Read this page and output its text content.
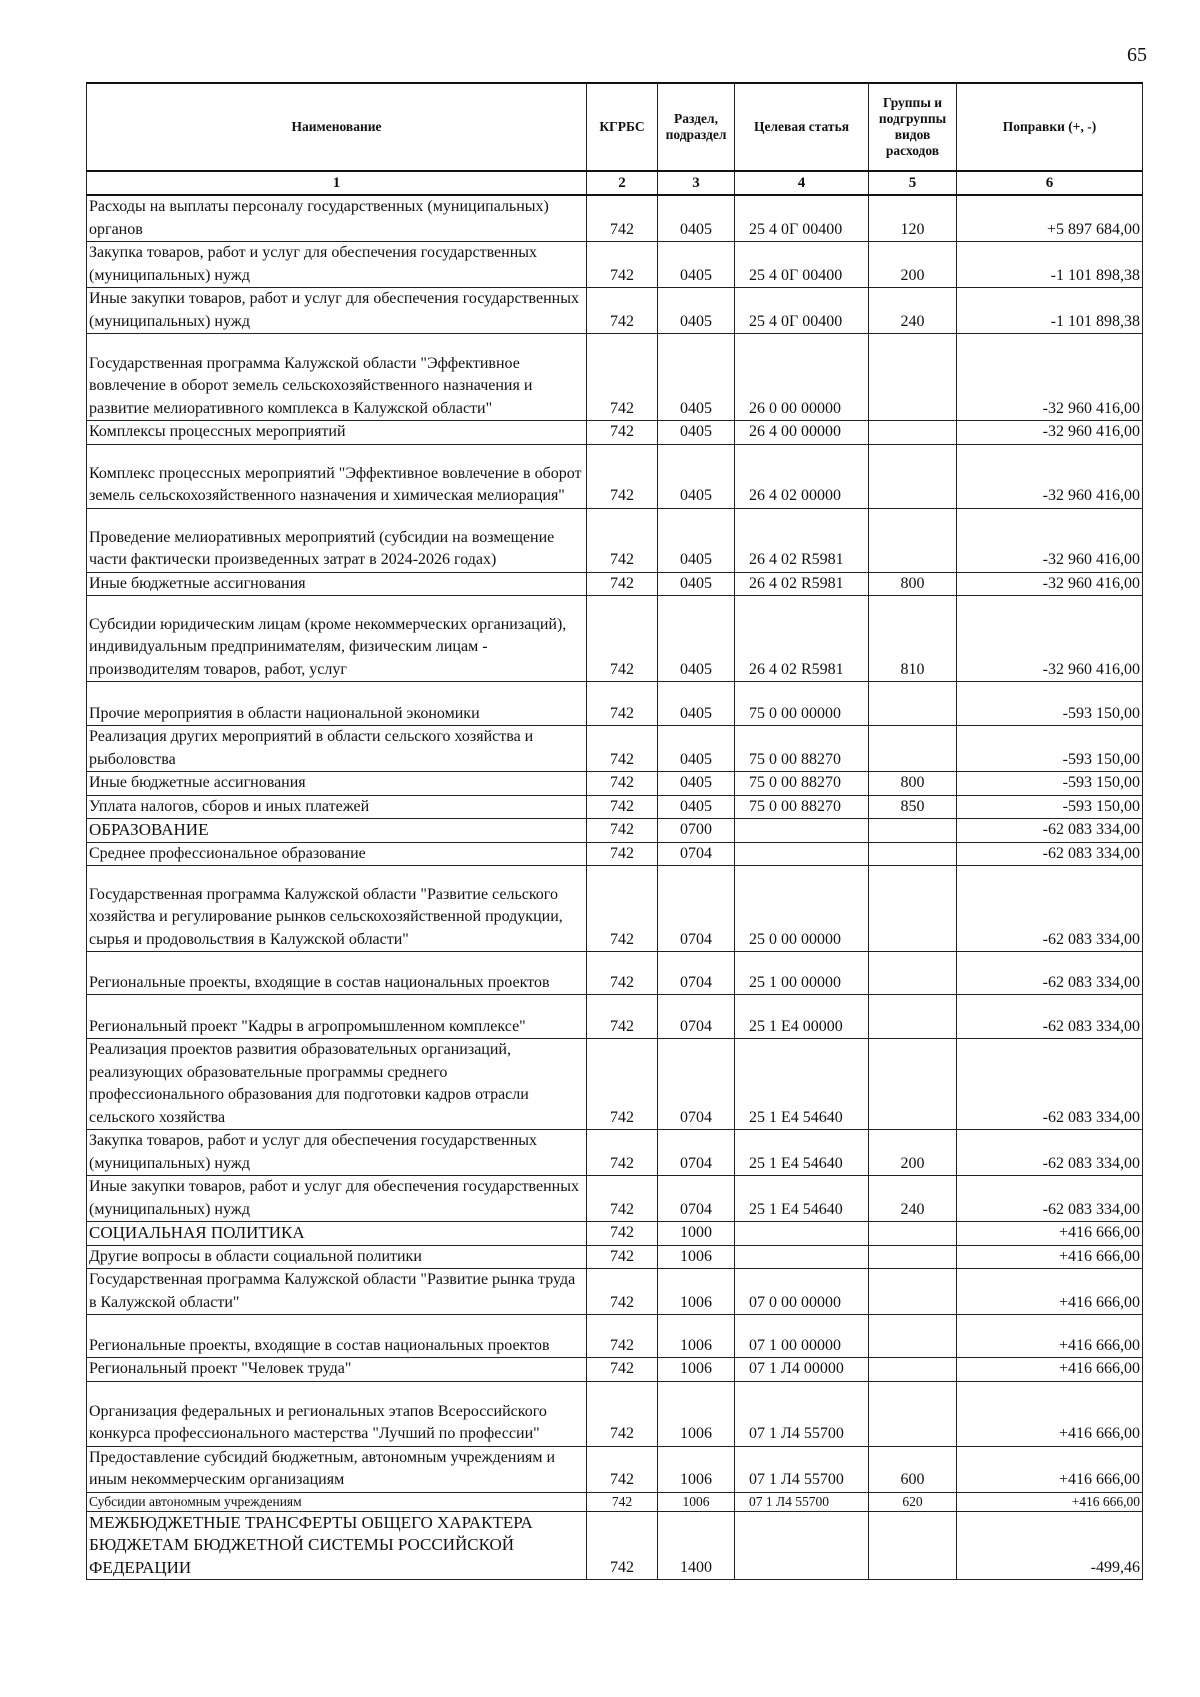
65
Наименование	КГРБС	Раздел, подраздел	Целевая статья	Группы и подгруппы видов расходов	Поправки (+, -)
1	2	3	4	5	6
Расходы на выплаты персоналу государственных (муниципальных) органов	742	0405	25 4 0Г 00400	120	+5 897 684,00
Закупка товаров, работ и услуг для обеспечения государственных (муниципальных) нужд	742	0405	25 4 0Г 00400	200	-1 101 898,38
Иные закупки товаров, работ и услуг для обеспечения государственных (муниципальных) нужд	742	0405	25 4 0Г 00400	240	-1 101 898,38
Государственная программа Калужской области "Эффективное вовлечение в оборот земель сельскохозяйственного назначения и развитие мелиоративного комплекса в Калужской области"	742	0405	26 0 00 00000		-32 960 416,00
Комплексы процессных мероприятий	742	0405	26 4 00 00000		-32 960 416,00
Комплекс процессных мероприятий "Эффективное вовлечение в оборот земель сельскохозяйственного назначения и химическая мелиорация"	742	0405	26 4 02 00000		-32 960 416,00
Проведение мелиоративных мероприятий (субсидии на возмещение части фактически произведенных затрат в 2024-2026 годах)	742	0405	26 4 02 R5981		-32 960 416,00
Иные бюджетные ассигнования	742	0405	26 4 02 R5981	800	-32 960 416,00
Субсидии юридическим лицам (кроме некоммерческих организаций), индивидуальным предпринимателям, физическим лицам - производителям товаров, работ, услуг	742	0405	26 4 02 R5981	810	-32 960 416,00
Прочие мероприятия в области национальной экономики	742	0405	75 0 00 00000		-593 150,00
Реализация других мероприятий в области сельского хозяйства и рыболовства	742	0405	75 0 00 88270		-593 150,00
Иные бюджетные ассигнования	742	0405	75 0 00 88270	800	-593 150,00
Уплата налогов, сборов и иных платежей	742	0405	75 0 00 88270	850	-593 150,00
ОБРАЗОВАНИЕ	742	0700			-62 083 334,00
Среднее профессиональное образование	742	0704			-62 083 334,00
Государственная программа Калужской области "Развитие сельского хозяйства и регулирование рынков сельскохозяйственной продукции, сырья и продовольствия в Калужской области"	742	0704	25 0 00 00000		-62 083 334,00
Региональные проекты, входящие в состав национальных проектов	742	0704	25 1 00 00000		-62 083 334,00
Региональный проект "Кадры в агропромышленном комплексе"	742	0704	25 1 Е4 00000		-62 083 334,00
Реализация проектов развития образовательных организаций, реализующих образовательные программы среднего профессионального образования для подготовки кадров отрасли сельского хозяйства	742	0704	25 1 Е4 54640		-62 083 334,00
Закупка товаров, работ и услуг для обеспечения государственных (муниципальных) нужд	742	0704	25 1 Е4 54640	200	-62 083 334,00
Иные закупки товаров, работ и услуг для обеспечения государственных (муниципальных) нужд	742	0704	25 1 Е4 54640	240	-62 083 334,00
СОЦИАЛЬНАЯ ПОЛИТИКА	742	1000			+416 666,00
Другие вопросы в области социальной политики	742	1006			+416 666,00
Государственная программа Калужской области "Развитие рынка труда в Калужской области"	742	1006	07 0 00 00000		+416 666,00
Региональные проекты, входящие в состав национальных проектов	742	1006	07 1 00 00000		+416 666,00
Региональный проект "Человек труда"	742	1006	07 1 Л4 00000		+416 666,00
Организация федеральных и региональных этапов Всероссийского конкурса профессионального мастерства "Лучший по профессии"	742	1006	07 1 Л4 55700		+416 666,00
Предоставление субсидий бюджетным, автономным учреждениям и иным некоммерческим организациям	742	1006	07 1 Л4 55700	600	+416 666,00
Субсидии автономным учреждениям	742	1006	07 1 Л4 55700	620	+416 666,00
МЕЖБЮДЖЕТНЫЕ ТРАНСФЕРТЫ ОБЩЕГО ХАРАКТЕРА БЮДЖЕТАМ БЮДЖЕТНОЙ СИСТЕМЫ РОССИЙСКОЙ ФЕДЕРАЦИИ	742	1400			-499,46
